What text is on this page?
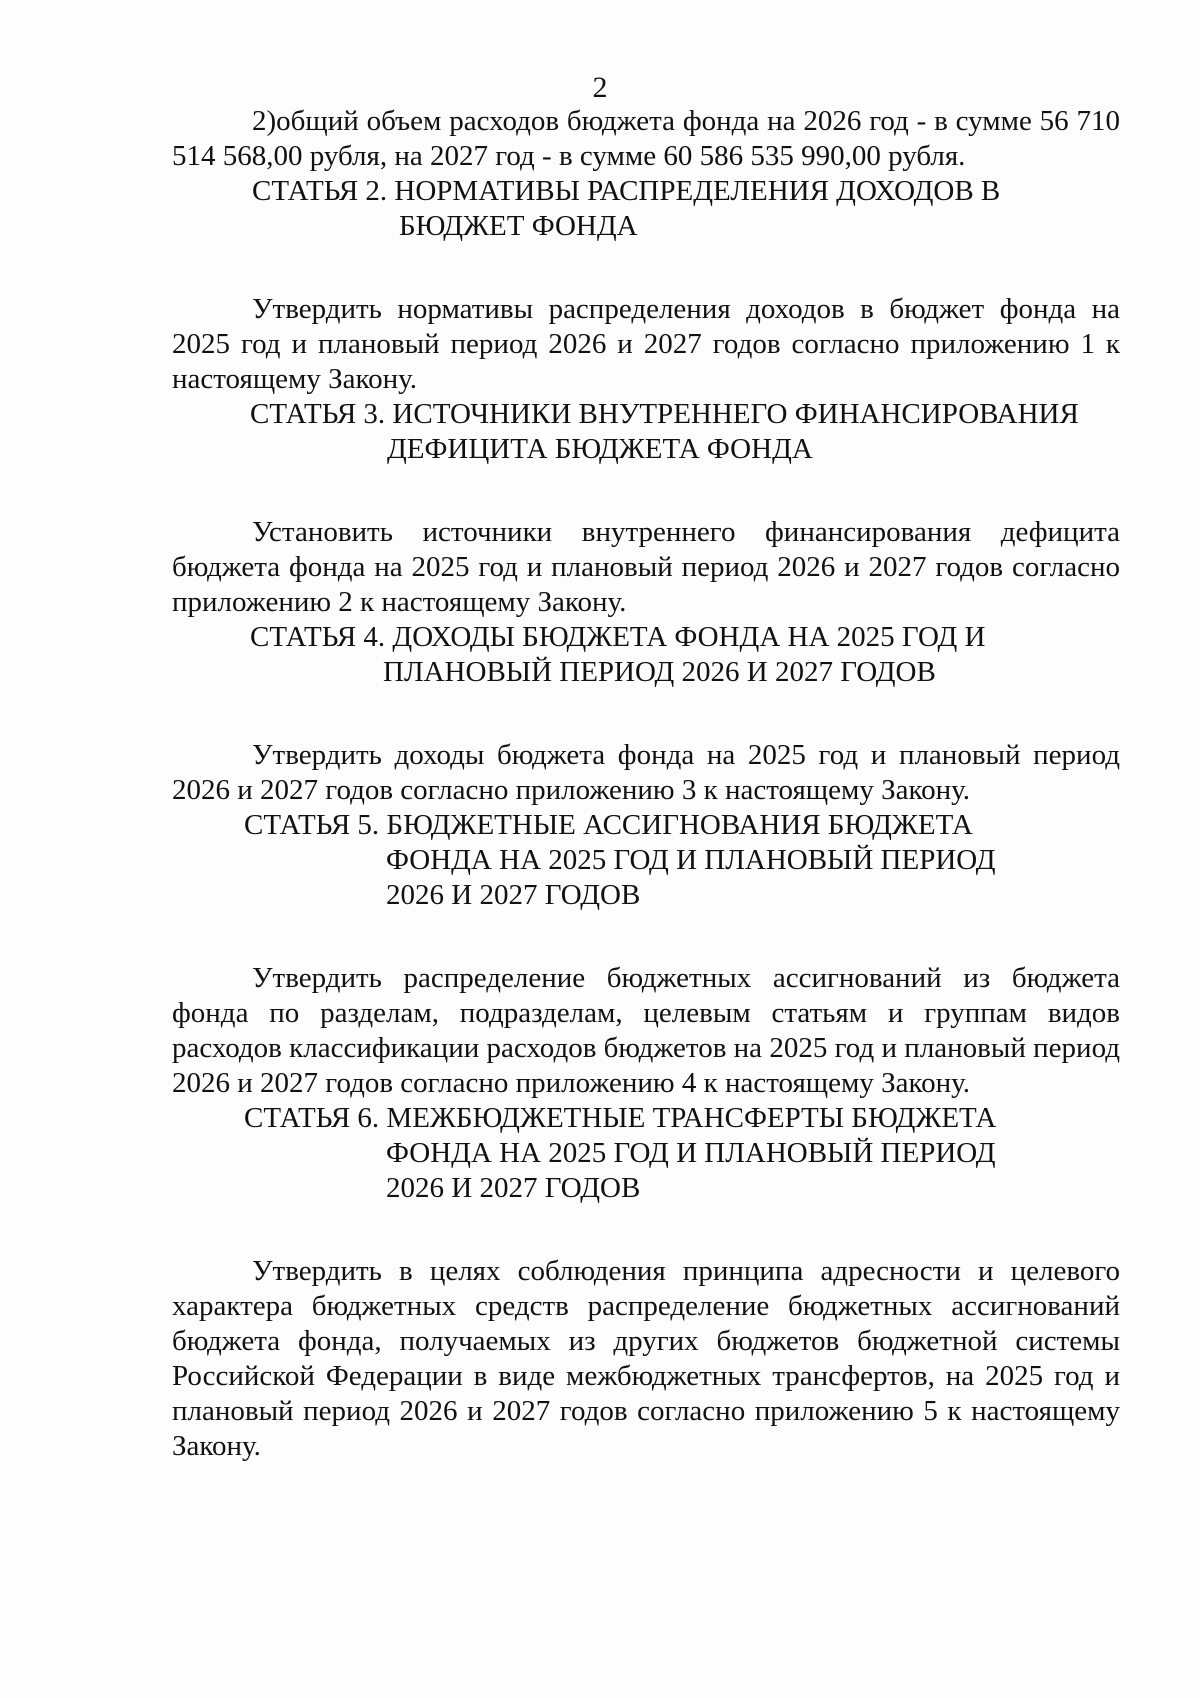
2

2)общий объем расходов бюджета фонда на 2026 год - в сумме 56 710 514 568,00 рубля, на 2027 год - в сумме 60 586 535 990,00 рубля.

СТАТЬЯ 2. НОРМАТИВЫ РАСПРЕДЕЛЕНИЯ ДОХОДОВ В
БЮДЖЕТ ФОНДА

Утвердить нормативы распределения доходов в бюджет фонда на 2025 год и плановый период 2026 и 2027 годов согласно приложению 1 к настоящему Закону.

СТАТЬЯ 3. ИСТОЧНИКИ ВНУТРЕННЕГО ФИНАНСИРОВАНИЯ
ДЕФИЦИТА БЮДЖЕТА ФОНДА

Установить источники внутреннего финансирования дефицита бюджета фонда на 2025 год и плановый период 2026 и 2027 годов согласно приложению 2 к настоящему Закону.

СТАТЬЯ 4. ДОХОДЫ БЮДЖЕТА ФОНДА НА 2025 ГОД И
ПЛАНОВЫЙ ПЕРИОД 2026 И 2027 ГОДОВ

Утвердить доходы бюджета фонда на 2025 год и плановый период 2026 и 2027 годов согласно приложению 3 к настоящему Закону.

СТАТЬЯ 5. БЮДЖЕТНЫЕ АССИГНОВАНИЯ БЮДЖЕТА
ФОНДА НА 2025 ГОД И ПЛАНОВЫЙ ПЕРИОД
2026 И 2027 ГОДОВ

Утвердить распределение бюджетных ассигнований из бюджета фонда по разделам, подразделам, целевым статьям и группам видов расходов классификации расходов бюджетов на 2025 год и плановый период 2026 и 2027 годов согласно приложению 4 к настоящему Закону.

СТАТЬЯ 6. МЕЖБЮДЖЕТНЫЕ ТРАНСФЕРТЫ БЮДЖЕТА
ФОНДА НА 2025 ГОД И ПЛАНОВЫЙ ПЕРИОД
2026 И 2027 ГОДОВ

Утвердить в целях соблюдения принципа адресности и целевого характера бюджетных средств распределение бюджетных ассигнований бюджета фонда, получаемых из других бюджетов бюджетной системы Российской Федерации в виде межбюджетных трансфертов, на 2025 год и плановый период 2026 и 2027 годов согласно приложению 5 к настоящему Закону.
